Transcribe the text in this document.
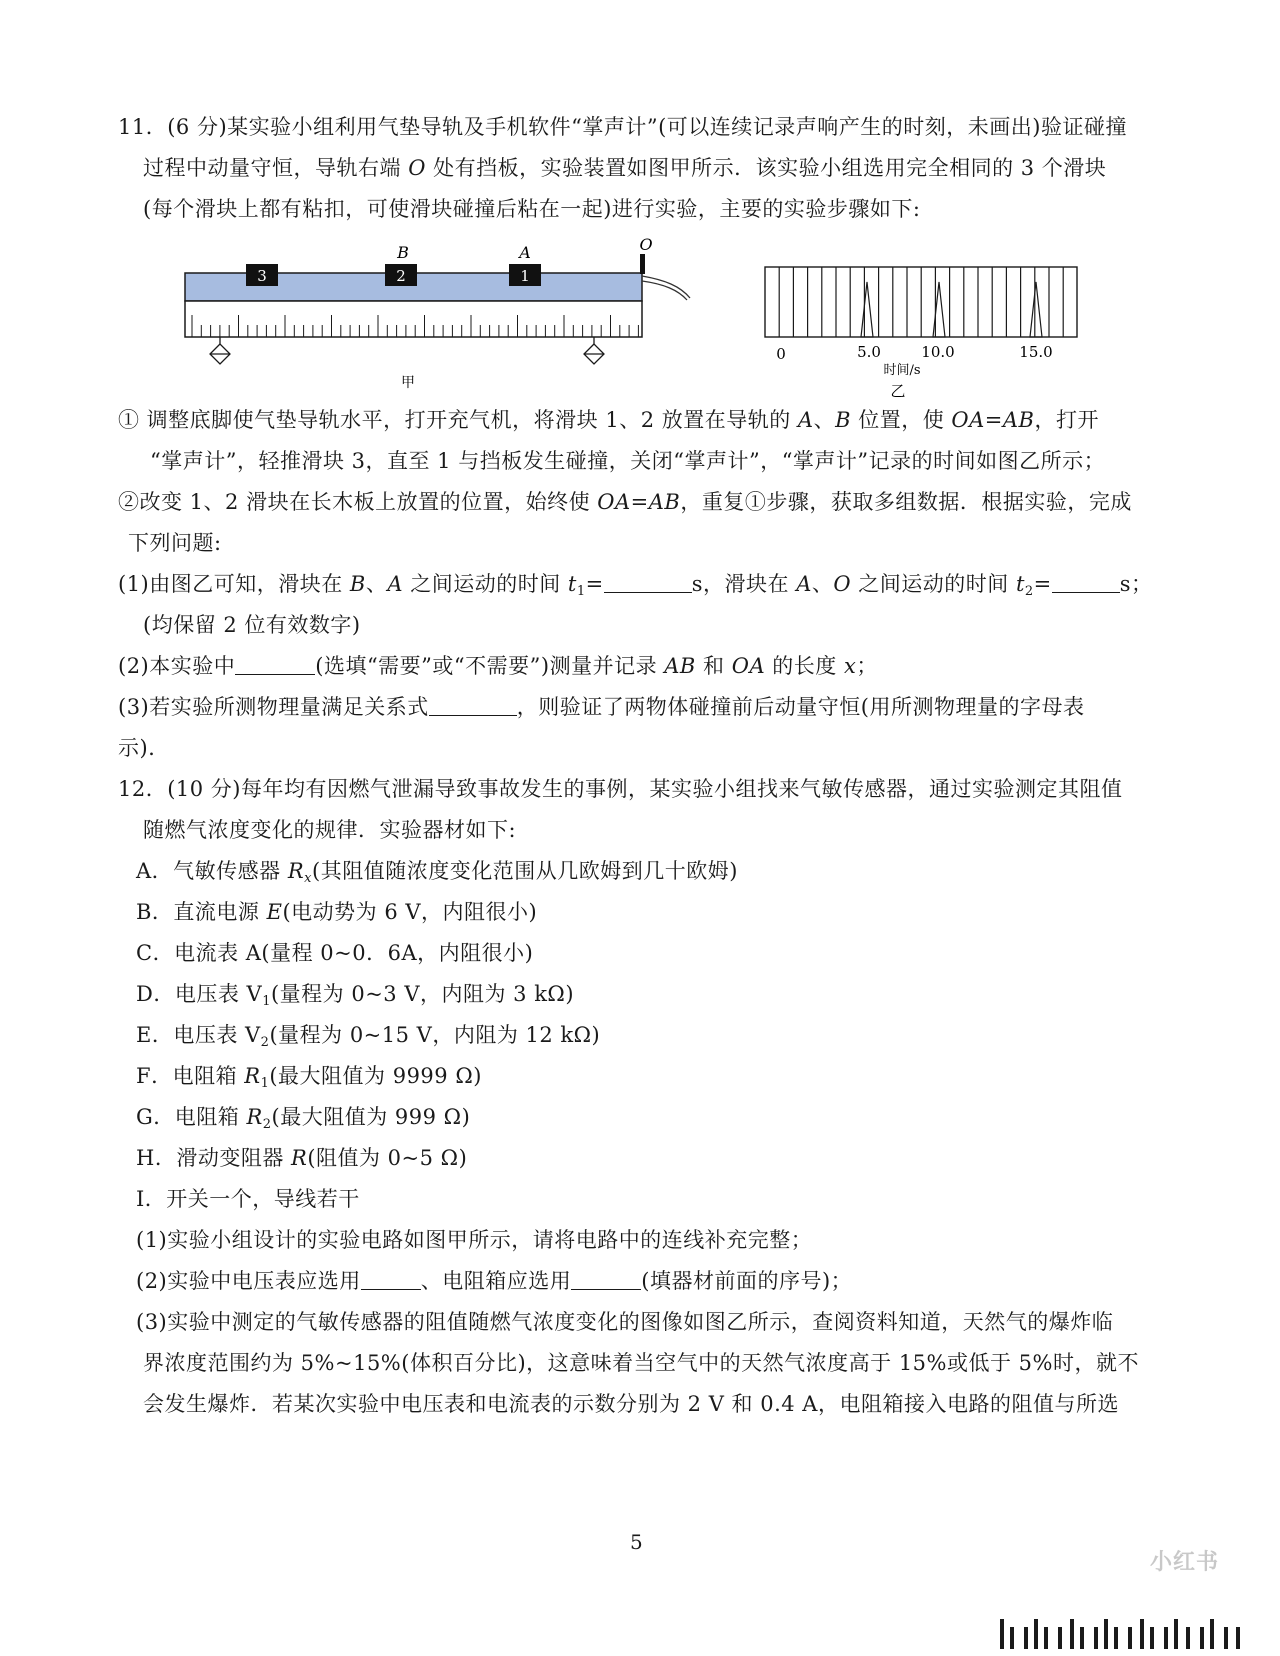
11．(6 分)某实验小组利用气垫导轨及手机软件“掌声计”(可以连续记录声响产生的时刻，未画出)验证碰撞
过程中动量守恒，导轨右端 O 处有挡板，实验装置如图甲所示．该实验小组选用完全相同的 3 个滑块
(每个滑块上都有粘扣，可使滑块碰撞后粘在一起)进行实验，主要的实验步骤如下:
3	2	1
B	A	O
甲
0	5.0	10.0	15.0
时间/s
乙
① 调整底脚使气垫导轨水平，打开充气机，将滑块 1、2 放置在导轨的 A、B 位置，使 OA=AB，打开
“掌声计”，轻推滑块 3，直至 1 与挡板发生碰撞，关闭“掌声计”，“掌声计”记录的时间如图乙所示；
②改变 1、2 滑块在长木板上放置的位置，始终使 OA=AB，重复①步骤，获取多组数据．根据实验，完成
下列问题:
(1)由图乙可知，滑块在 B、A 之间运动的时间 $t_1=$	s，滑块在 A、O 之间运动的时间 $t_2=$	s；
(均保留 2 位有效数字)
(2)本实验中	(选填“需要”或“不需要”)测量并记录 AB 和 OA 的长度 x；
(3)若实验所测物理量满足关系式	，则验证了两物体碰撞前后动量守恒(用所测物理量的字母表
示)．
12．(10 分)每年均有因燃气泄漏导致事故发生的事例，某实验小组找来气敏传感器，通过实验测定其阻值
随燃气浓度变化的规律．实验器材如下:
A．气敏传感器 $R_x$(其阻值随浓度变化范围从几欧姆到几十欧姆)
B．直流电源 E(电动势为 6 V，内阻很小)
C．电流表 A(量程 0~0．6A，内阻很小)
D．电压表 $V_1$(量程为 0~3 V，内阻为 3 kΩ)
E．电压表 $V_2$(量程为 0~15 V，内阻为 12 kΩ)
F．电阻箱 $R_1$(最大阻值为 9999 Ω)
G．电阻箱 $R_2$(最大阻值为 999 Ω)
H．滑动变阻器 R(阻值为 0~5 Ω)
I．开关一个，导线若干
(1)实验小组设计的实验电路如图甲所示，请将电路中的连线补充完整；
(2)实验中电压表应选用	、电阻箱应选用	(填器材前面的序号)；
(3)实验中测定的气敏传感器的阻值随燃气浓度变化的图像如图乙所示，查阅资料知道，天然气的爆炸临
界浓度范围约为 5%~15%(体积百分比)，这意味着当空气中的天然气浓度高于 15%或低于 5%时，就不
会发生爆炸．若某次实验中电压表和电流表的示数分别为 2 V 和 0.4 A，电阻箱接入电路的阻值与所选
5
小红书
